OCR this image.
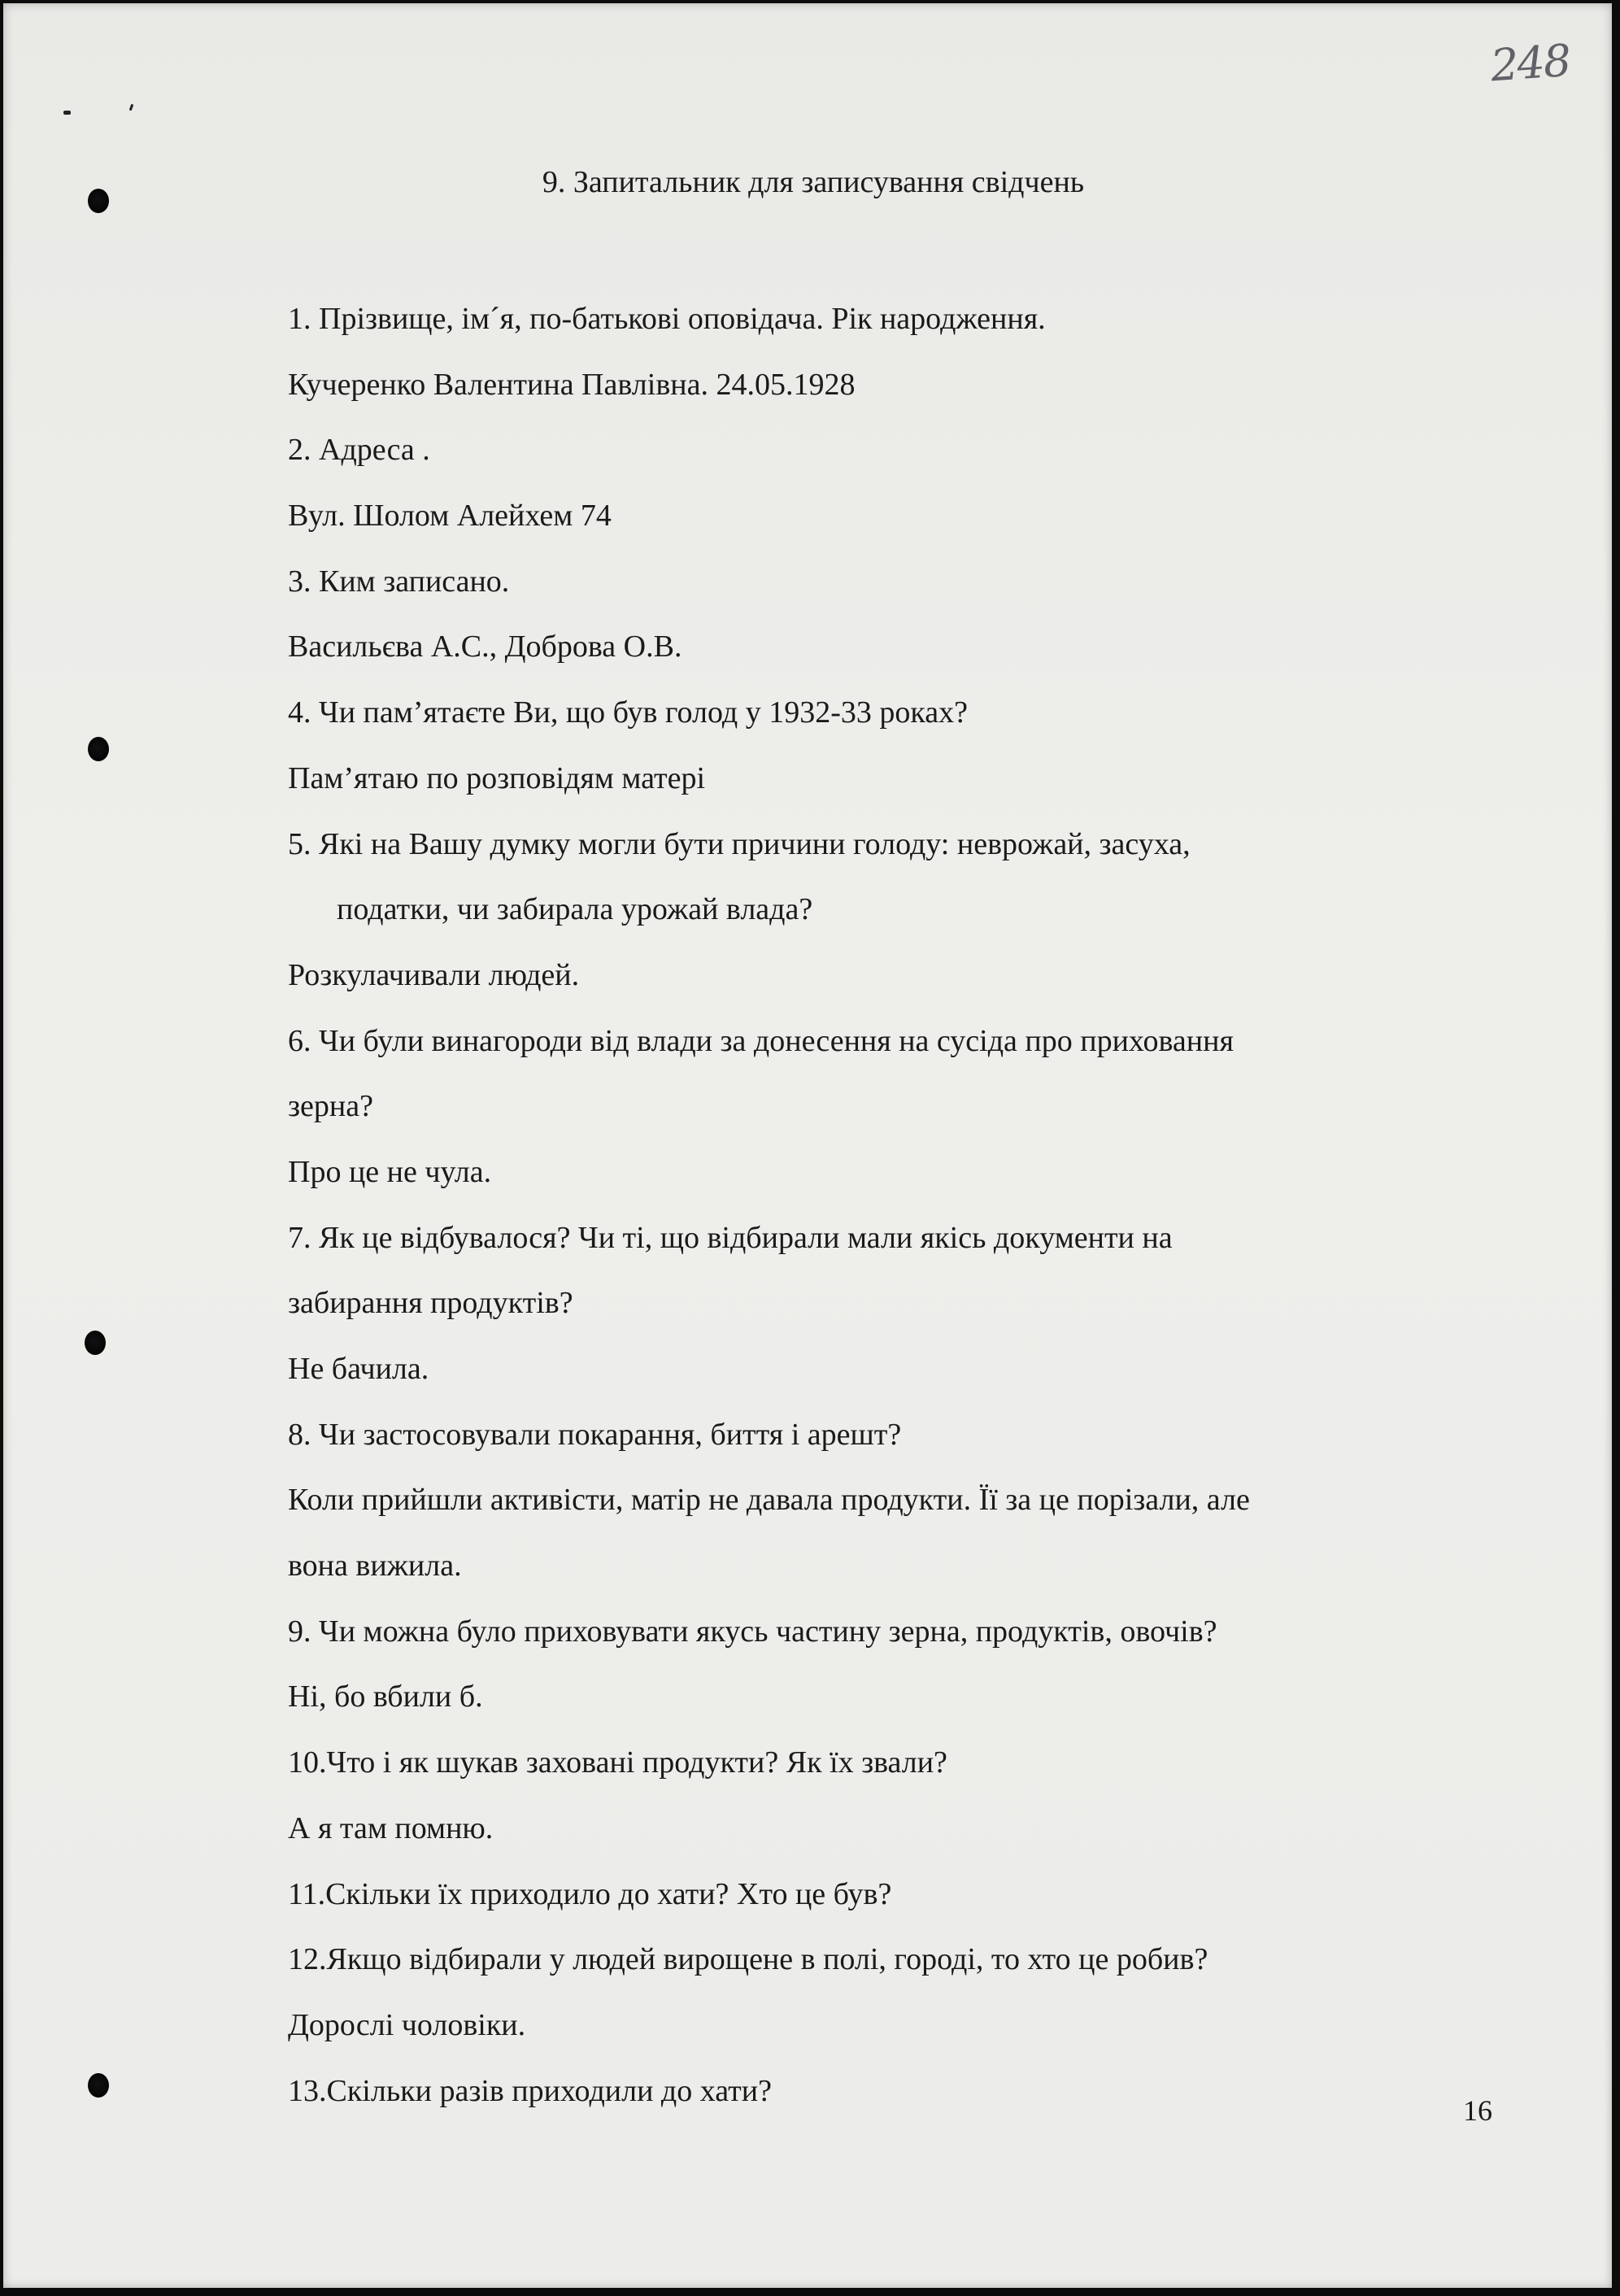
248
9. Запитальник для записування свідчень
1. Прізвище, ім´я, по-батькові оповідача. Рік народження.
Кучеренко Валентина Павлівна. 24.05.1928
2. Адреса .
Вул. Шолом Алейхем 74
3. Ким записано.
Васильєва А.С., Доброва О.В.
4. Чи пам’ятаєте Ви, що був голод у 1932-33 роках?
Пам’ятаю по розповідям матері
5. Які на Вашу думку могли бути причини голоду: неврожай, засуха,
податки, чи забирала урожай влада?
Розкулачивали людей.
6. Чи були винагороди від влади за донесення на сусіда про приховання
зерна?
Про це не чула.
7. Як це відбувалося? Чи ті, що відбирали мали якісь документи на
забирання продуктів?
Не бачила.
8. Чи застосовували покарання, биття і арешт?
Коли прийшли активісти, матір не давала продукти. Її за це порізали, але
вона вижила.
9. Чи можна було приховувати якусь частину зерна, продуктів, овочів?
Ні, бо вбили б.
10.Что і як шукав заховані продукти? Як їх звали?
А я там помню.
11.Скільки їх приходило до хати? Хто це був?
12.Якщо відбирали у людей вирощене в полі, городі, то хто це робив?
Дорослі чоловіки.
13.Скільки разів приходили до хати?
16
